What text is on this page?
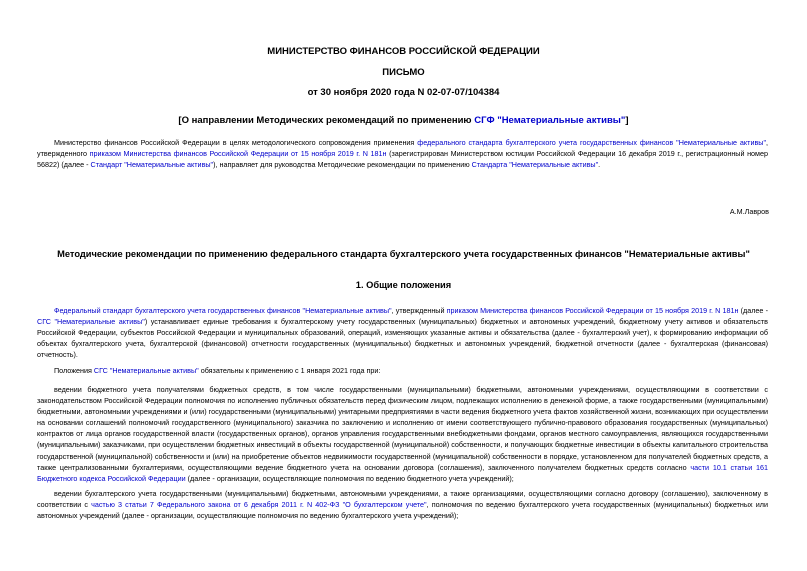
МИНИСТЕРСТВО ФИНАНСОВ РОССИЙСКОЙ ФЕДЕРАЦИИ
ПИСЬМО
от 30 ноября 2020 года N 02-07-07/104384
[О направлении Методических рекомендаций по применению СГФ "Нематериальные активы"]
Министерство финансов Российской Федерации в целях методологического сопровождения применения федерального стандарта бухгалтерского учета государственных финансов "Нематериальные активы", утвержденного приказом Министерства финансов Российской Федерации от 15 ноября 2019 г. N 181н (зарегистрирован Министерством юстиции Российской Федерации 16 декабря 2019 г., регистрационный номер 56822) (далее - Стандарт "Нематериальные активы"), направляет для руководства Методические рекомендации по применению Стандарта "Нематериальные активы".
А.М.Лавров
Методические рекомендации по применению федерального стандарта бухгалтерского учета государственных финансов "Нематериальные активы"
1. Общие положения
Федеральный стандарт бухгалтерского учета государственных финансов "Нематериальные активы", утвержденный приказом Министерства финансов Российской Федерации от 15 ноября 2019 г. N 181н (далее - СГС "Нематериальные активы") устанавливает единые требования к бухгалтерскому учету государственных (муниципальных) бюджетных и автономных учреждений, бюджетному учету активов и обязательств Российской Федерации, субъектов Российской Федерации и муниципальных образований, операций, изменяющих указанные активы и обязательства (далее - бухгалтерский учет), к формированию информации об объектах бухгалтерского учета, бухгалтерской (финансовой) отчетности государственных (муниципальных) бюджетных и автономных учреждений, бюджетной отчетности (далее - бухгалтерская (финансовая) отчетность).
Положения СГС "Нематериальные активы" обязательны к применению с 1 января 2021 года при:
ведении бюджетного учета получателями бюджетных средств, в том числе государственными (муниципальными) бюджетными, автономными учреждениями, осуществляющими в соответствии с законодательством Российской Федерации полномочия по исполнению публичных обязательств перед физическим лицом, подлежащих исполнению в денежной форме, а также государственными (муниципальными) бюджетными, автономными учреждениями и (или) государственными (муниципальными) унитарными предприятиями в части ведения бюджетного учета фактов хозяйственной жизни, возникающих при осуществлении на основании соглашений полномочий государственного (муниципального) заказчика по заключению и исполнению от имени соответствующего публично-правового образования государственных (муниципальных) контрактов от лица органов государственной власти (государственных органов), органов управления государственными внебюджетными фондами, органов местного самоуправления, являющихся государственными (муниципальными) заказчиками, при осуществлении бюджетных инвестиций в объекты государственной (муниципальной) собственности, и получающих бюджетные инвестиции в объекты капитального строительства государственной (муниципальной) собственности и (или) на приобретение объектов недвижимости государственной (муниципальной) собственности в порядке, установленном для получателей бюджетных средств, а также централизованными бухгалтериями, осуществляющими ведение бюджетного учета на основании договора (соглашения), заключенного получателем бюджетных средств согласно части 10.1 статьи 161 Бюджетного кодекса Российской Федерации (далее - организации, осуществляющие полномочия по ведению бюджетного учета учреждений);
ведении бухгалтерского учета государственными (муниципальными) бюджетными, автономными учреждениями, а также организациями, осуществляющими согласно договору (соглашению), заключенному в соответствии с частью 3 статьи 7 Федерального закона от 6 декабря 2011 г. N 402-ФЗ "О бухгалтерском учете", полномочия по ведению бухгалтерского учета государственных (муниципальных) бюджетных или автономных учреждений (далее - организации, осуществляющие полномочия по ведению бухгалтерского учета учреждений);
